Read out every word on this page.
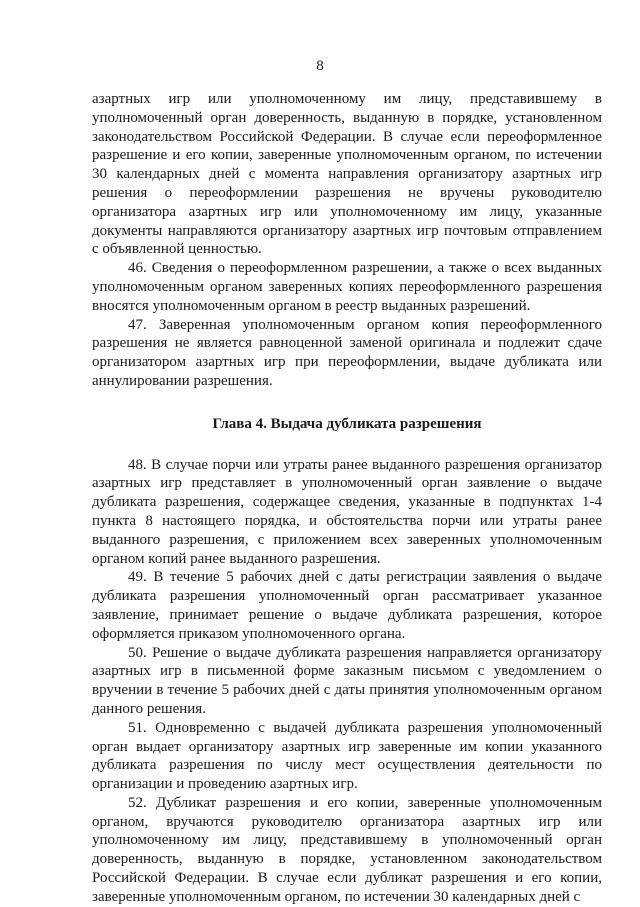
8

азартных игр или уполномоченному им лицу, представившему в уполномоченный орган доверенность, выданную в порядке, установленном законодательством Российской Федерации. В случае если переоформленное разрешение и его копии, заверенные уполномоченным органом, по истечении 30 календарных дней с момента направления организатору азартных игр решения о переоформлении разрешения не вручены руководителю организатора азартных игр или уполномоченному им лицу, указанные документы направляются организатору азартных игр почтовым отправлением с объявленной ценностью.

46. Сведения о переоформленном разрешении, а также о всех выданных уполномоченным органом заверенных копиях переоформленного разрешения вносятся уполномоченным органом в реестр выданных разрешений.

47. Заверенная уполномоченным органом копия переоформленного разрешения не является равноценной заменой оригинала и подлежит сдаче организатором азартных игр при переоформлении, выдаче дубликата или аннулировании разрешения.

Глава 4. Выдача дубликата разрешения

48. В случае порчи или утраты ранее выданного разрешения организатор азартных игр представляет в уполномоченный орган заявление о выдаче дубликата разрешения, содержащее сведения, указанные в подпунктах 1-4 пункта 8 настоящего порядка, и обстоятельства порчи или утраты ранее выданного разрешения, с приложением всех заверенных уполномоченным органом копий ранее выданного разрешения.

49. В течение 5 рабочих дней с даты регистрации заявления о выдаче дубликата разрешения уполномоченный орган рассматривает указанное заявление, принимает решение о выдаче дубликата разрешения, которое оформляется приказом уполномоченного органа.

50. Решение о выдаче дубликата разрешения направляется организатору азартных игр в письменной форме заказным письмом с уведомлением о вручении в течение 5 рабочих дней с даты принятия уполномоченным органом данного решения.

51. Одновременно с выдачей дубликата разрешения уполномоченный орган выдает организатору азартных игр заверенные им копии указанного дубликата разрешения по числу мест осуществления деятельности по организации и проведению азартных игр.

52. Дубликат разрешения и его копии, заверенные уполномоченным органом, вручаются руководителю организатора азартных игр или уполномоченному им лицу, представившему в уполномоченный орган доверенность, выданную в порядке, установленном законодательством Российской Федерации. В случае если дубликат разрешения и его копии, заверенные уполномоченным органом, по истечении 30 календарных дней с
